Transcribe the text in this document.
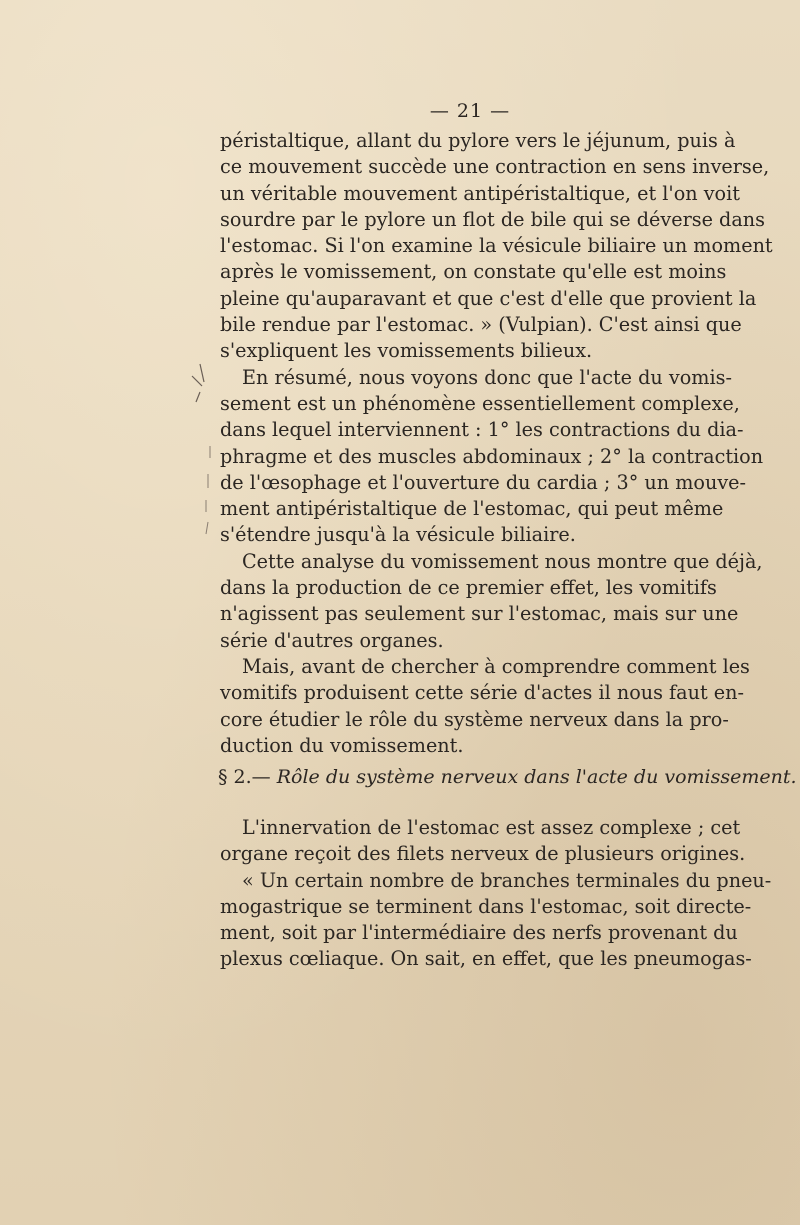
— 21 —
péristaltique, allant du pylore vers le jéjunum, puis à
ce mouvement succède une contraction en sens inverse,
un véritable mouvement antipéristaltique, et l'on voit
sourdre par le pylore un flot de bile qui se déverse dans
l'estomac. Si l'on examine la vésicule biliaire un moment
après le vomissement, on constate qu'elle est moins
pleine qu'auparavant et que c'est d'elle que provient la
bile rendue par l'estomac. » (Vulpian). C'est ainsi que
s'expliquent les vomissements bilieux.
En résumé, nous voyons donc que l'acte du vomis-
sement est un phénomène essentiellement complexe,
dans lequel interviennent : 1° les contractions du dia-
phragme et des muscles abdominaux ; 2° la contraction
de l'œsophage et l'ouverture du cardia ; 3° un mouve-
ment antipéristaltique de l'estomac, qui peut même
s'étendre jusqu'à la vésicule biliaire.
Cette analyse du vomissement nous montre que déjà,
dans la production de ce premier effet, les vomitifs
n'agissent pas seulement sur l'estomac, mais sur une
série d'autres organes.
Mais, avant de chercher à comprendre comment les
vomitifs produisent cette série d'actes il nous faut en-
core étudier le rôle du système nerveux dans la pro-
duction du vomissement.
§ 2.— Rôle du système nerveux dans l'acte du vomissement.
L'innervation de l'estomac est assez complexe ; cet
organe reçoit des filets nerveux de plusieurs origines.
« Un certain nombre de branches terminales du pneu-
mogastrique se terminent dans l'estomac, soit directe-
ment, soit par l'intermédiaire des nerfs provenant du
plexus cœliaque. On sait, en effet, que les pneumogas-
